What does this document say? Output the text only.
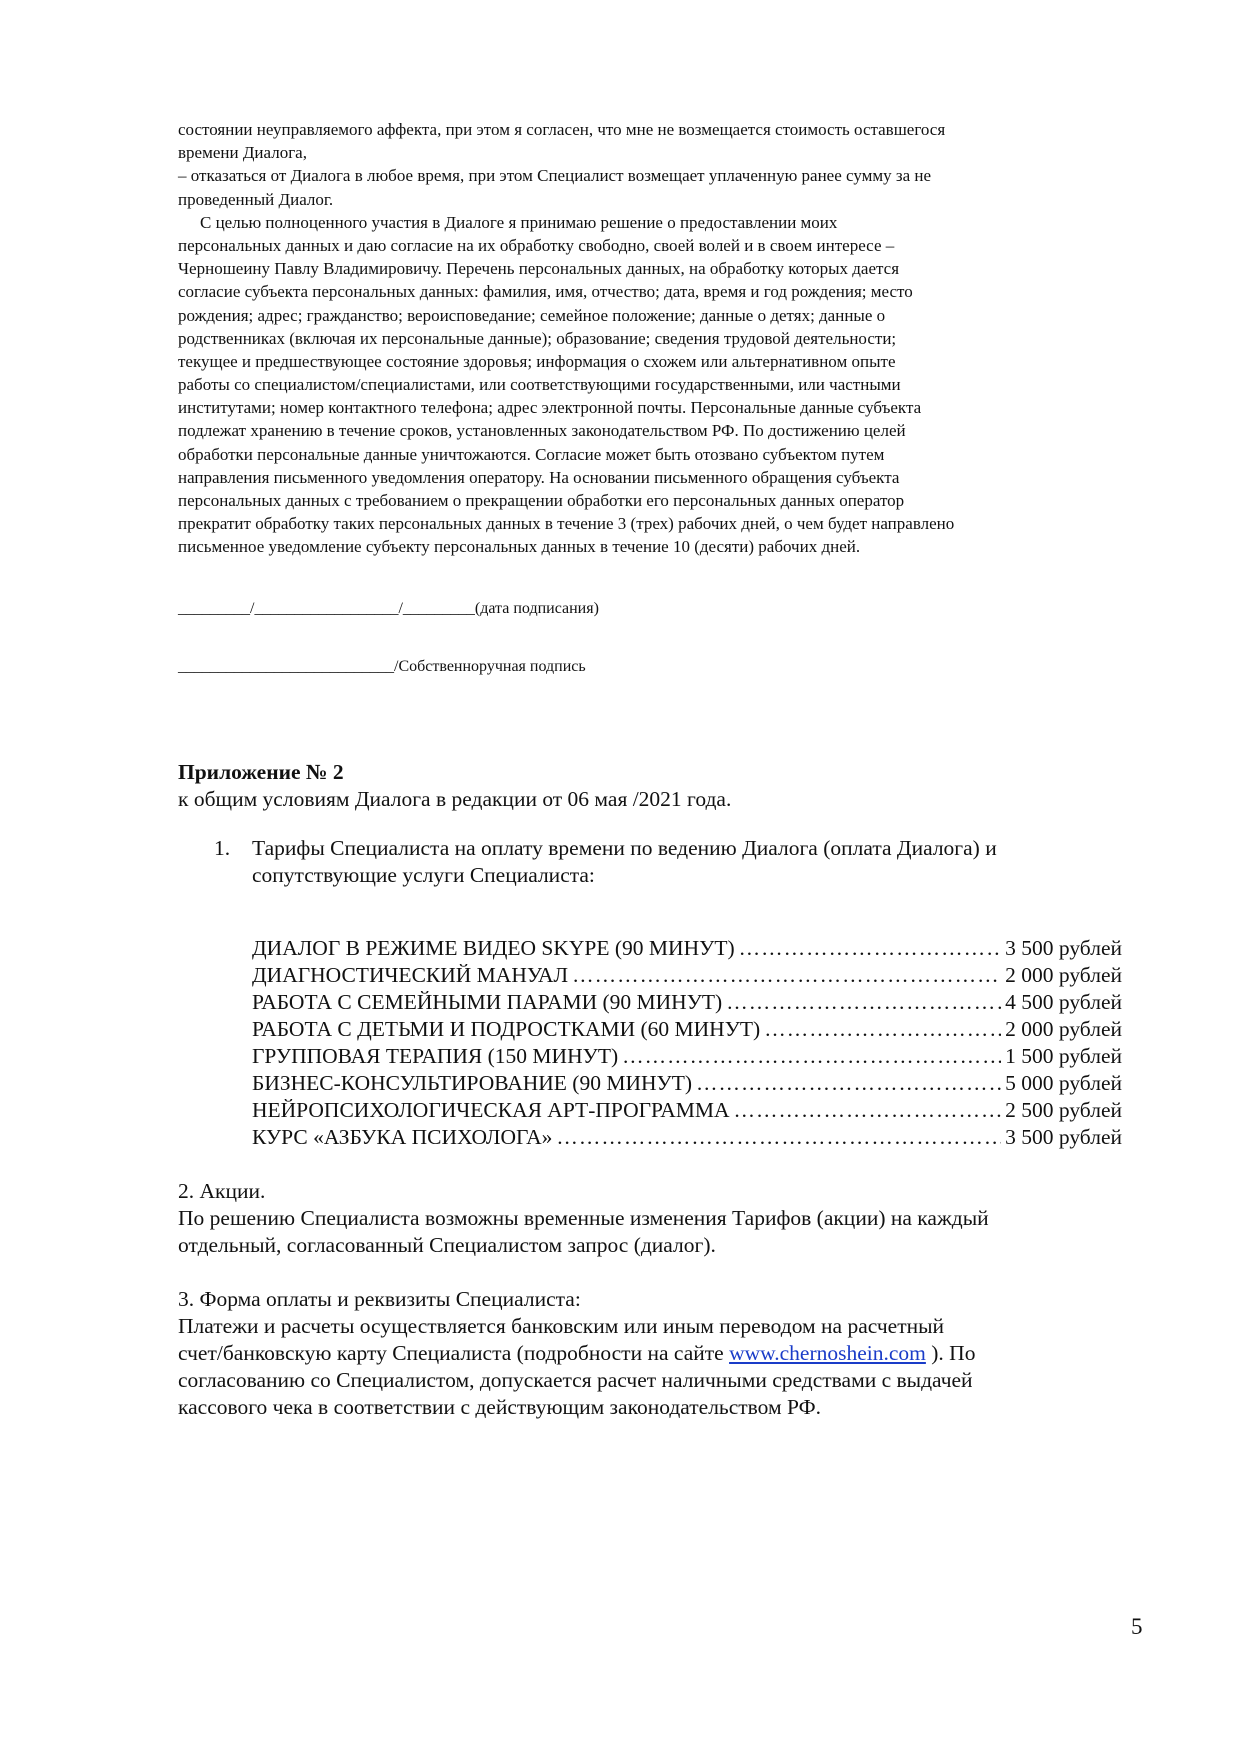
состоянии неуправляемого аффекта, при этом я согласен, что мне не возмещается стоимость оставшегося
времени Диалога,
– отказаться от Диалога в любое время, при этом Специалист возмещает уплаченную ранее сумму за не
проведенный Диалог.
С целью полноценного участия в Диалоге я принимаю решение о предоставлении моих
персональных данных и даю согласие на их обработку свободно, своей волей и в своем интересе –
Черношеину Павлу Владимировичу. Перечень персональных данных, на обработку которых дается
согласие субъекта персональных данных: фамилия, имя, отчество; дата, время и год рождения; место
рождения; адрес; гражданство; вероисповедание; семейное положение; данные о детях; данные о
родственниках (включая их персональные данные); образование; сведения трудовой деятельности;
текущее и предшествующее состояние здоровья; информация о схожем или альтернативном опыте
работы со специалистом/специалистами, или соответствующими государственными, или частными
институтами; номер контактного телефона; адрес электронной почты. Персональные данные субъекта
подлежат хранению в течение сроков, установленных законодательством РФ. По достижению целей
обработки персональные данные уничтожаются. Согласие может быть отозвано субъектом путем
направления письменного уведомления оператору. На основании письменного обращения субъекта
персональных данных с требованием о прекращении обработки его персональных данных оператор
прекратит обработку таких персональных данных в течение 3 (трех) рабочих дней, о чем будет направлено
письменное уведомление субъекту персональных данных в течение 10 (десяти) рабочих дней.
_________/__________________/_________(дата подписания)
___________________________/Собственноручная подпись
Приложение № 2
к общим условиям Диалога в редакции от 06 мая /2021 года.
1. Тарифы Специалиста на оплату времени по ведению Диалога (оплата Диалога) и
сопутствующие услуги Специалиста:
ДИАЛОГ В РЕЖИМЕ ВИДЕО SKYPE (90 МИНУТ) ……………………………………………………………………………………………………………………………………	3 500 рублей
ДИАГНОСТИЧЕСКИЙ МАНУАЛ ……………………………………………………………………………………………………………………………………	2 000 рублей
РАБОТА С СЕМЕЙНЫМИ ПАРАМИ (90 МИНУТ) ……………………………………………………………………………………………………………………………………	4 500 рублей
РАБОТА С ДЕТЬМИ И ПОДРОСТКАМИ (60 МИНУТ) ……………………………………………………………………………………………………………………………………	2 000 рублей
ГРУППОВАЯ ТЕРАПИЯ (150 МИНУТ) ……………………………………………………………………………………………………………………………………	1 500 рублей
БИЗНЕС-КОНСУЛЬТИРОВАНИЕ (90 МИНУТ) ……………………………………………………………………………………………………………………………………	5 000 рублей
НЕЙРОПСИХОЛОГИЧЕСКАЯ АРТ-ПРОГРАММА ……………………………………………………………………………………………………………………………………	2 500 рублей
КУРС «АЗБУКА ПСИХОЛОГА» ……………………………………………………………………………………………………………………………………	3 500 рублей
2. Акции.
По решению Специалиста возможны временные изменения Тарифов (акции) на каждый
отдельный, согласованный Специалистом запрос (диалог).
3. Форма оплаты и реквизиты Специалиста:
Платежи и расчеты осуществляется банковским или иным переводом на расчетный
счет/банковскую карту Специалиста (подробности на сайте www.chernoshein.com ). По
согласованию со Специалистом, допускается расчет наличными средствами с выдачей
кассового чека в соответствии с действующим законодательством РФ.
5
